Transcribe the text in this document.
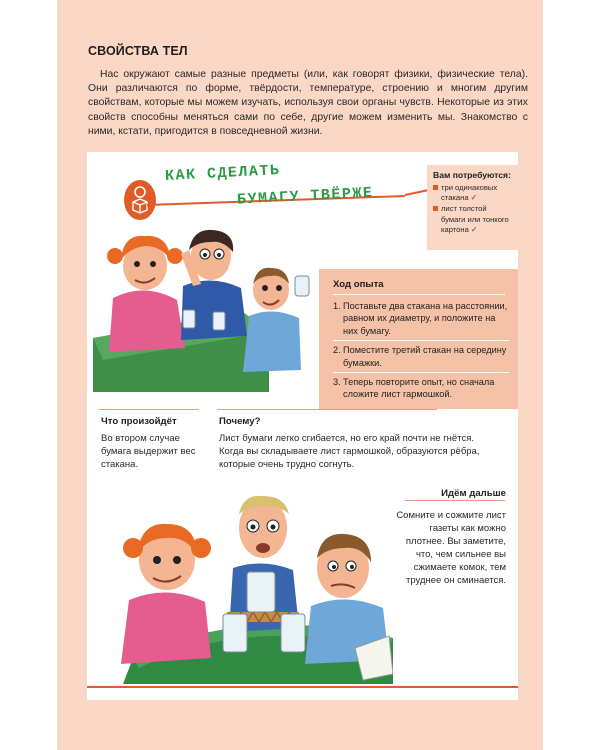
СВОЙСТВА ТЕЛ

Нас окружают самые разные предметы (или, как говорят физики, физические тела). Они различаются по форме, твёрдости, температуре, строению и многим другим свойствам, которые мы можем изучать, используя свои органы чувств. Некоторые из этих свойств способны меняться сами по себе, другие можем изменить мы. Знакомство с ними, кстати, пригодится в повседневной жизни.

КАК СДЕЛАТЬ
БУМАГУ ТВЁРЖЕ

Вам потребуются:

три одинаковых стакана ✓
лист толстой бумаги или тонкого картона ✓
Ход опыта
1. Поставьте два стакана на расстоянии, равном их диаметру, и положите на них бумагу.
2. Поместите третий стакан на середину бумажки.
3. Теперь повторите опыт, но сначала сложите лист гармошкой.
Что произойдёт

Во втором случае бумага выдержит вес стакана.

Почему?

Лист бумаги легко сгибается, но его край почти не гнётся. Когда вы складываете лист гармошкой, образуются рёбра, которые очень трудно согнуть.

Идём дальше

Сомните и сожмите лист газеты как можно плотнее. Вы заметите, что, чем сильнее вы сжимаете комок, тем труднее он сминается.
